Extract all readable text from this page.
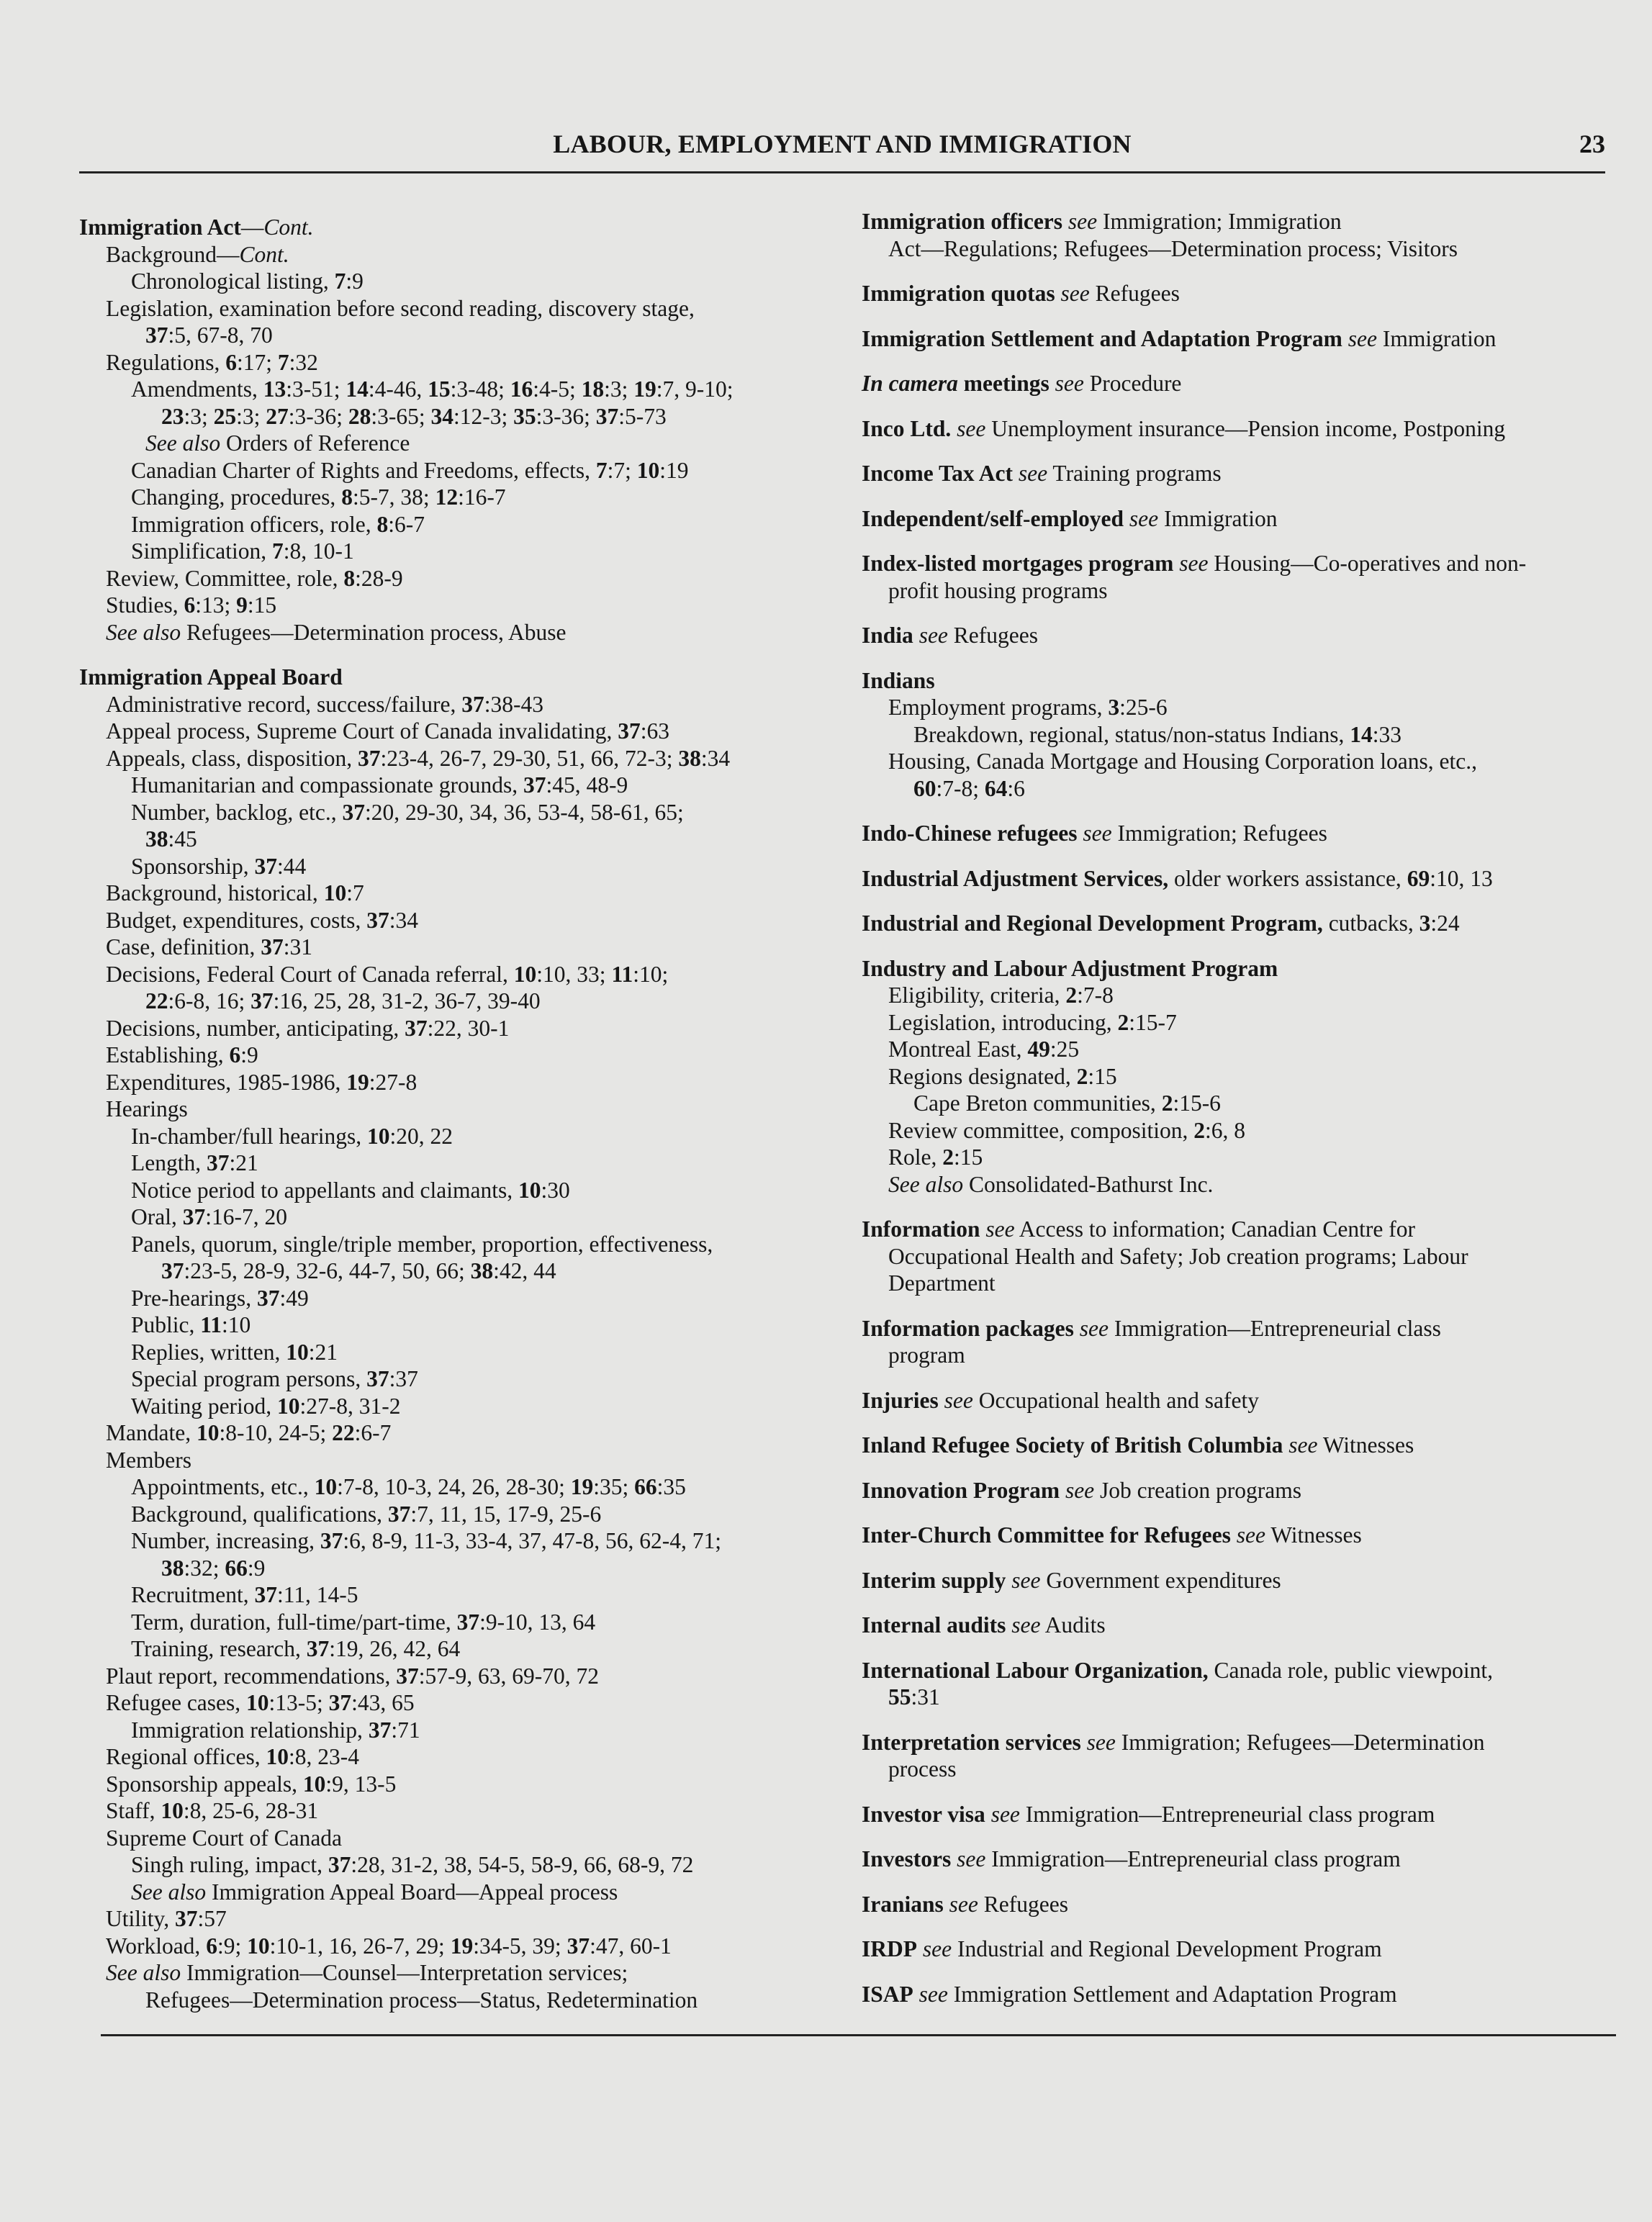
LABOUR, EMPLOYMENT AND IMMIGRATION	23
Immigration Act—Cont.
Background—Cont.
Chronological listing, 7:9
Legislation, examination before second reading, discovery stage,
37:5, 67-8, 70
Regulations, 6:17; 7:32
Amendments, 13:3-51; 14:4-46, 15:3-48; 16:4-5; 18:3; 19:7, 9-10;
23:3; 25:3; 27:3-36; 28:3-65; 34:12-3; 35:3-36; 37:5-73
See also Orders of Reference
Canadian Charter of Rights and Freedoms, effects, 7:7; 10:19
Changing, procedures, 8:5-7, 38; 12:16-7
Immigration officers, role, 8:6-7
Simplification, 7:8, 10-1
Review, Committee, role, 8:28-9
Studies, 6:13; 9:15
See also Refugees—Determination process, Abuse
Immigration Appeal Board
Administrative record, success/failure, 37:38-43
Appeal process, Supreme Court of Canada invalidating, 37:63
Appeals, class, disposition, 37:23-4, 26-7, 29-30, 51, 66, 72-3; 38:34
Humanitarian and compassionate grounds, 37:45, 48-9
Number, backlog, etc., 37:20, 29-30, 34, 36, 53-4, 58-61, 65;
38:45
Sponsorship, 37:44
Background, historical, 10:7
Budget, expenditures, costs, 37:34
Case, definition, 37:31
Decisions, Federal Court of Canada referral, 10:10, 33; 11:10;
22:6-8, 16; 37:16, 25, 28, 31-2, 36-7, 39-40
Decisions, number, anticipating, 37:22, 30-1
Establishing, 6:9
Expenditures, 1985-1986, 19:27-8
Hearings
In-chamber/full hearings, 10:20, 22
Length, 37:21
Notice period to appellants and claimants, 10:30
Oral, 37:16-7, 20
Panels, quorum, single/triple member, proportion, effectiveness,
37:23-5, 28-9, 32-6, 44-7, 50, 66; 38:42, 44
Pre-hearings, 37:49
Public, 11:10
Replies, written, 10:21
Special program persons, 37:37
Waiting period, 10:27-8, 31-2
Mandate, 10:8-10, 24-5; 22:6-7
Members
Appointments, etc., 10:7-8, 10-3, 24, 26, 28-30; 19:35; 66:35
Background, qualifications, 37:7, 11, 15, 17-9, 25-6
Number, increasing, 37:6, 8-9, 11-3, 33-4, 37, 47-8, 56, 62-4, 71;
38:32; 66:9
Recruitment, 37:11, 14-5
Term, duration, full-time/part-time, 37:9-10, 13, 64
Training, research, 37:19, 26, 42, 64
Plaut report, recommendations, 37:57-9, 63, 69-70, 72
Refugee cases, 10:13-5; 37:43, 65
Immigration relationship, 37:71
Regional offices, 10:8, 23-4
Sponsorship appeals, 10:9, 13-5
Staff, 10:8, 25-6, 28-31
Supreme Court of Canada
Singh ruling, impact, 37:28, 31-2, 38, 54-5, 58-9, 66, 68-9, 72
See also Immigration Appeal Board—Appeal process
Utility, 37:57
Workload, 6:9; 10:10-1, 16, 26-7, 29; 19:34-5, 39; 37:47, 60-1
See also Immigration—Counsel—Interpretation services;
Refugees—Determination process—Status, Redetermination
Immigration officers see Immigration; Immigration
Act—Regulations; Refugees—Determination process; Visitors
Immigration quotas see Refugees
Immigration Settlement and Adaptation Program see Immigration
In camera meetings see Procedure
Inco Ltd. see Unemployment insurance—Pension income, Postponing
Income Tax Act see Training programs
Independent/self-employed see Immigration
Index-listed mortgages program see Housing—Co-operatives and non-
profit housing programs
India see Refugees
Indians
Employment programs, 3:25-6
Breakdown, regional, status/non-status Indians, 14:33
Housing, Canada Mortgage and Housing Corporation loans, etc.,
60:7-8; 64:6
Indo-Chinese refugees see Immigration; Refugees
Industrial Adjustment Services, older workers assistance, 69:10, 13
Industrial and Regional Development Program, cutbacks, 3:24
Industry and Labour Adjustment Program
Eligibility, criteria, 2:7-8
Legislation, introducing, 2:15-7
Montreal East, 49:25
Regions designated, 2:15
Cape Breton communities, 2:15-6
Review committee, composition, 2:6, 8
Role, 2:15
See also Consolidated-Bathurst Inc.
Information see Access to information; Canadian Centre for
Occupational Health and Safety; Job creation programs; Labour
Department
Information packages see Immigration—Entrepreneurial class
program
Injuries see Occupational health and safety
Inland Refugee Society of British Columbia see Witnesses
Innovation Program see Job creation programs
Inter-Church Committee for Refugees see Witnesses
Interim supply see Government expenditures
Internal audits see Audits
International Labour Organization, Canada role, public viewpoint,
55:31
Interpretation services see Immigration; Refugees—Determination
process
Investor visa see Immigration—Entrepreneurial class program
Investors see Immigration—Entrepreneurial class program
Iranians see Refugees
IRDP see Industrial and Regional Development Program
ISAP see Immigration Settlement and Adaptation Program
